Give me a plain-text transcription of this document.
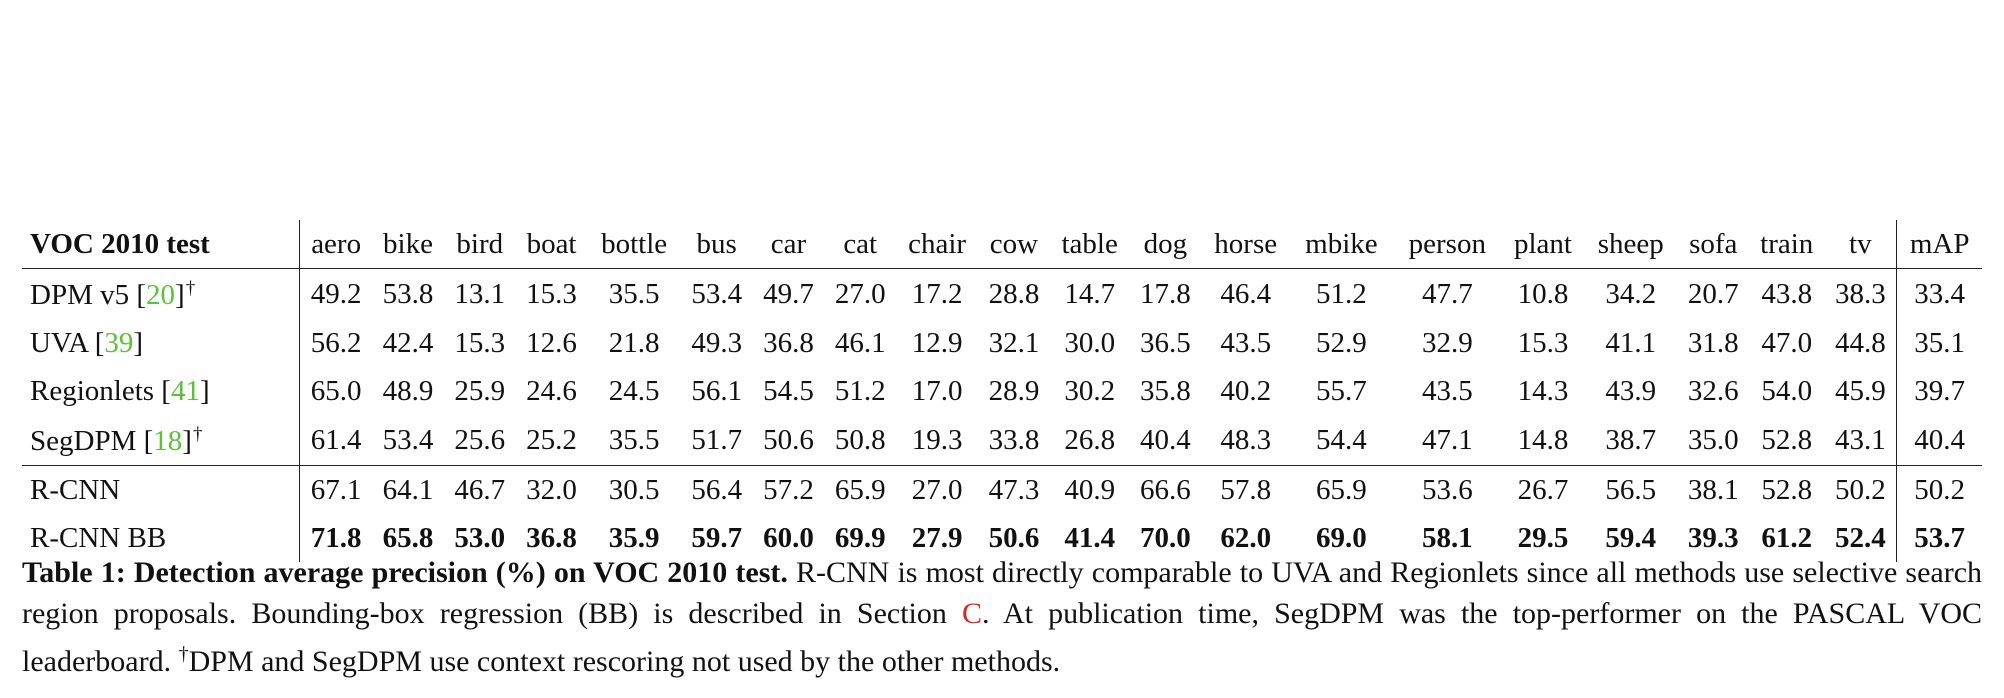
VOC 2010 test	aero	bike	bird	boat	bottle	bus	car	cat	chair	cow	table	dog	horse	mbike	person	plant	sheep	sofa	train	tv	mAP
DPM v5 [20]†	49.2	53.8	13.1	15.3	35.5	53.4	49.7	27.0	17.2	28.8	14.7	17.8	46.4	51.2	47.7	10.8	34.2	20.7	43.8	38.3	33.4
UVA [39]	56.2	42.4	15.3	12.6	21.8	49.3	36.8	46.1	12.9	32.1	30.0	36.5	43.5	52.9	32.9	15.3	41.1	31.8	47.0	44.8	35.1
Regionlets [41]	65.0	48.9	25.9	24.6	24.5	56.1	54.5	51.2	17.0	28.9	30.2	35.8	40.2	55.7	43.5	14.3	43.9	32.6	54.0	45.9	39.7
SegDPM [18]†	61.4	53.4	25.6	25.2	35.5	51.7	50.6	50.8	19.3	33.8	26.8	40.4	48.3	54.4	47.1	14.8	38.7	35.0	52.8	43.1	40.4
R-CNN	67.1	64.1	46.7	32.0	30.5	56.4	57.2	65.9	27.0	47.3	40.9	66.6	57.8	65.9	53.6	26.7	56.5	38.1	52.8	50.2	50.2
R-CNN BB	71.8	65.8	53.0	36.8	35.9	59.7	60.0	69.9	27.9	50.6	41.4	70.0	62.0	69.0	58.1	29.5	59.4	39.3	61.2	52.4	53.7

Table 1: Detection average precision (%) on VOC 2010 test. R-CNN is most directly comparable to UVA and Regionlets since all methods use selective search region proposals. Bounding-box regression (BB) is described in Section C. At publication time, SegDPM was the top-performer on the PASCAL VOC leaderboard. †DPM and SegDPM use context rescoring not used by the other methods.
